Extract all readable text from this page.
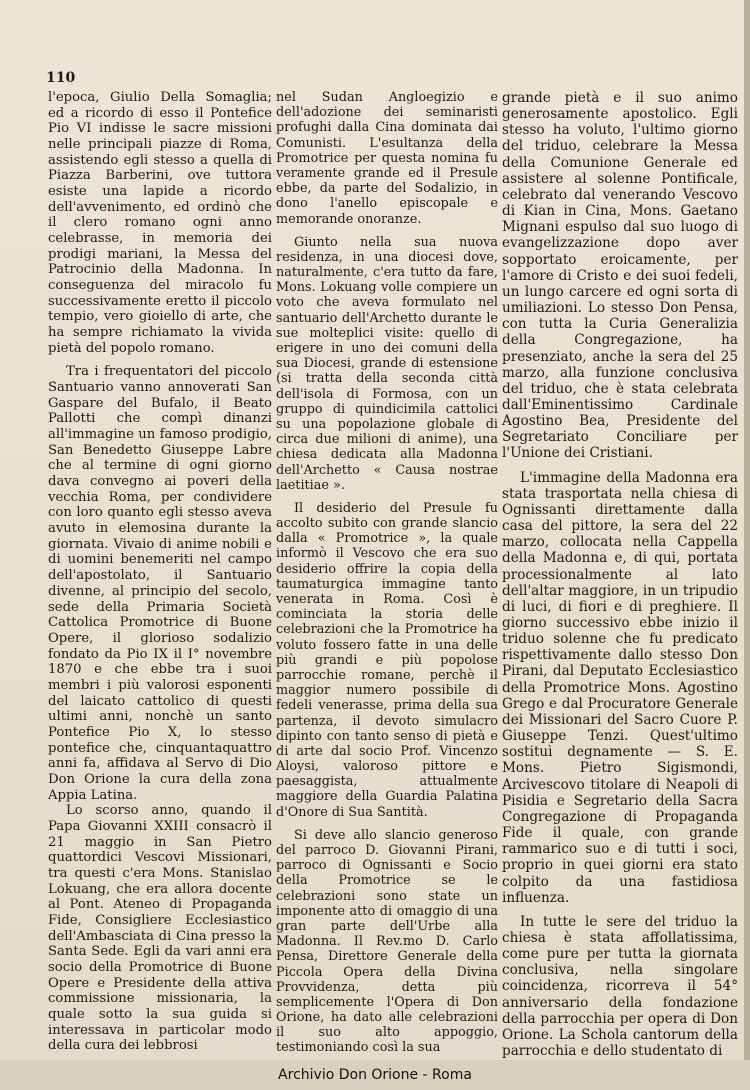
110

l'epoca, Giulio Della Somaglia; ed a ricordo di esso il Pontefice Pio VI indisse le sacre missioni nelle principali piazze di Roma, assistendo egli stesso a quella di Piazza Barberini, ove tuttora esiste una lapide a ricordo dell'avvenimento, ed ordinò che il clero romano ogni anno celebrasse, in memoria dei prodigi mariani, la Messa del Patrocinio della Madonna. In conseguenza del miracolo fu successivamente eretto il piccolo tempio, vero gioiello di arte, che ha sempre richiamato la vivida pietà del popolo romano.

Tra i frequentatori del piccolo Santuario vanno annoverati San Gaspare del Bufalo, il Beato Pallotti che compì dinanzi all'immagine un famoso prodigio, San Benedetto Giuseppe Labre che al termine di ogni giorno dava convegno ai poveri della vecchia Roma, per condividere con loro quanto egli stesso aveva avuto in elemosina durante la giornata. Vivaio di anime nobili e di uomini benemeriti nel campo dell'apostolato, il Santuario divenne, al principio del secolo, sede della Primaria Società Cattolica Promotrice di Buone Opere, il glorioso sodalizio fondato da Pio IX il I° novembre 1870 e che ebbe tra i suoi membri i più valorosi esponenti del laicato cattolico di questi ultimi anni, nonchè un santo Pontefice Pio X, lo stesso pontefice che, cinquantaquattro anni fa, affidava al Servo di Dio Don Orione la cura della zona Appia Latina.

Lo scorso anno, quando il Papa Giovanni XXIII consacrò il 21 maggio in San Pietro quattordici Vescovi Missionari, tra questi c'era Mons. Stanislao Lokuang, che era allora docente al Pont. Ateneo di Propaganda Fide, Consigliere Ecclesiastico dell'Ambasciata di Cina presso la Santa Sede. Egli da vari anni era socio della Promotrice di Buone Opere e Presidente della attiva commissione missionaria, la quale sotto la sua guida si interessava in particolar modo della cura dei lebbrosi

nel Sudan Angloegizio e dell'adozione dei seminaristi profughi dalla Cina dominata dai Comunisti. L'esultanza della Promotrice per questa nomina fu veramente grande ed il Presule ebbe, da parte del Sodalizio, in dono l'anello episcopale e memorande onoranze.

Giunto nella sua nuova residenza, in una diocesi dove, naturalmente, c'era tutto da fare, Mons. Lokuang volle compiere un voto che aveva formulato nel santuario dell'Archetto durante le sue molteplici visite: quello di erigere in uno dei comuni della sua Diocesi, grande di estensione (si tratta della seconda città dell'isola di Formosa, con un gruppo di quindicimila cattolici su una popolazione globale di circa due milioni di anime), una chiesa dedicata alla Madonna dell'Archetto « Causa nostrae laetitiae ».

Il desiderio del Presule fu accolto subito con grande slancio dalla « Promotrice », la quale informò il Vescovo che era suo desiderio offrire la copia della taumaturgica immagine tanto venerata in Roma. Così è cominciata la storia delle celebrazioni che la Promotrice ha voluto fossero fatte in una delle più grandi e più popolose parrocchie romane, perchè il maggior numero possibile di fedeli venerasse, prima della sua partenza, il devoto simulacro dipinto con tanto senso di pietà e di arte dal socio Prof. Vincenzo Aloysi, valoroso pittore e paesaggista, attualmente maggiore della Guardia Palatina d'Onore di Sua Santità.

Si deve allo slancio generoso del parroco D. Giovanni Pirani, parroco di Ognissanti e Socio della Promotrice se le celebrazioni sono state un imponente atto di omaggio di una gran parte dell'Urbe alla Madonna. Il Rev.mo D. Carlo Pensa, Direttore Generale della Piccola Opera della Divina Provvidenza, detta più semplicemente l'Opera di Don Orione, ha dato alle celebrazioni il suo alto appoggio, testimoniando così la sua

grande pietà e il suo animo generosamente apostolico. Egli stesso ha voluto, l'ultimo giorno del triduo, celebrare la Messa della Comunione Generale ed assistere al solenne Pontificale, celebrato dal venerando Vescovo di Kian in Cina, Mons. Gaetano Mignani espulso dal suo luogo di evangelizzazione dopo aver sopportato eroicamente, per l'amore di Cristo e dei suoi fedeli, un lungo carcere ed ogni sorta di umiliazioni. Lo stesso Don Pensa, con tutta la Curia Generalizia della Congregazione, ha presenziato, anche la sera del 25 marzo, alla funzione conclusiva del triduo, che è stata celebrata dall'Eminentissimo Cardinale Agostino Bea, Presidente del Segretariato Conciliare per l'Unione dei Cristiani.

L'immagine della Madonna era stata trasportata nella chiesa di Ognissanti direttamente dalla casa del pittore, la sera del 22 marzo, collocata nella Cappella della Madonna e, di qui, portata processionalmente al lato dell'altar maggiore, in un tripudio di luci, di fiori e di preghiere. Il giorno successivo ebbe inizio il triduo solenne che fu predicato rispettivamente dallo stesso Don Pirani, dal Deputato Ecclesiastico della Promotrice Mons. Agostino Grego e dal Procuratore Generale dei Missionari del Sacro Cuore P. Giuseppe Tenzi. Quest'ultimo sostituì degnamente — S. E. Mons. Pietro Sigismondi, Arcivescovo titolare di Neapoli di Pisidia e Segretario della Sacra Congregazione di Propaganda Fide il quale, con grande rammarico suo e di tutti i soci, proprio in quei giorni era stato colpito da una fastidiosa influenza.

In tutte le sere del triduo la chiesa è stata affollatissima, come pure per tutta la giornata conclusiva, nella singolare coincidenza, ricorreva il 54° anniversario della fondazione della parrocchia per opera di Don Orione. La Schola cantorum della parrocchia e dello studentato di

Archivio Don Orione - Roma
